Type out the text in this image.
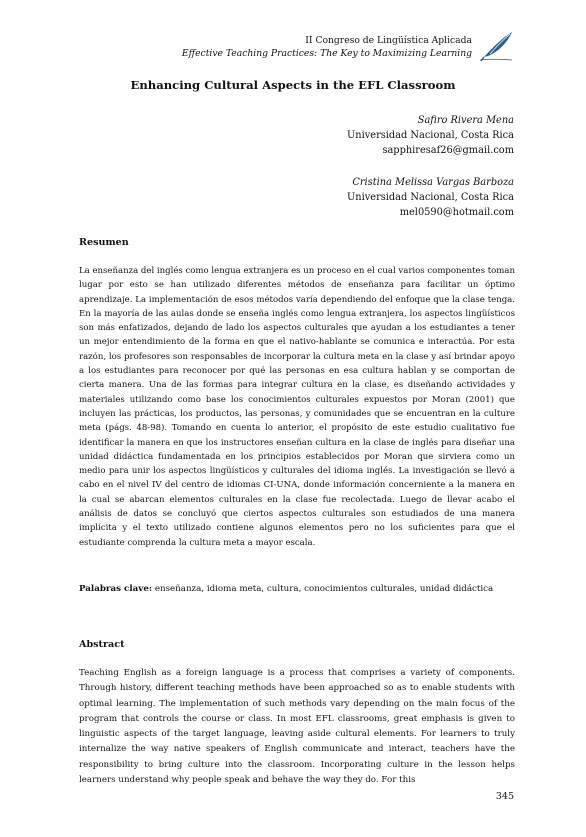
II Congreso de Lingüística Aplicada
Effective Teaching Practices: The Key to Maximizing Learning
Enhancing Cultural Aspects in the EFL Classroom
Safiro Rivera Mena
Universidad Nacional, Costa Rica
sapphiresaf26@gmail.com
Cristina Melissa Vargas Barboza
Universidad Nacional, Costa Rica
mel0590@hotmail.com
Resumen
La enseñanza del inglés como lengua extranjera es un proceso en el cual varios componentes toman lugar por esto se han utilizado diferentes métodos de enseñanza para facilitar un óptimo aprendizaje. La implementación de esos métodos varía dependiendo del enfoque que la clase tenga. En la mayoría de las aulas donde se enseña inglés como lengua extranjera, los aspectos lingüísticos son más enfatizados, dejando de lado los aspectos culturales que ayudan a los estudiantes a tener un mejor entendimiento de la forma en que el nativo-hablante se comunica e interactúa. Por esta razón, los profesores son responsables de incorporar la cultura meta en la clase y así brindar apoyo a los estudiantes para reconocer por qué las personas en esa cultura hablan y se comportan de cierta manera. Una de las formas para integrar cultura en la clase, es diseñando actividades y materiales utilizando como base los conocimientos culturales expuestos por Moran (2001) que incluyen las prácticas, los productos, las personas, y comunidades que se encuentran en la culture meta (págs. 48-98). Tomando en cuenta lo anterior, el propósito de este estudio cualitativo fue identificar la manera en que los instructores enseñan cultura en la clase de inglés para diseñar una unidad didáctica fundamentada en los principios establecidos por Moran que sirviera como un medio para unir los aspectos lingüísticos y culturales del idioma inglés. La investigación se llevó a cabo en el nivel IV del centro de idiomas CI-UNA, donde información concerniente a la manera en la cual se abarcan elementos culturales en la clase fue recolectada. Luego de llevar acabo el análisis de datos se concluyó que ciertos aspectos culturales son estudiados de una manera implícita y el texto utilizado contiene algunos elementos pero no los suficientes para que el estudiante comprenda la cultura meta a mayor escala.
Palabras clave: enseñanza, idioma meta, cultura, conocimientos culturales, unidad didáctica
Abstract
Teaching English as a foreign language is a process that comprises a variety of components. Through history, different teaching methods have been approached so as to enable students with optimal learning. The implementation of such methods vary depending on the main focus of the program that controls the course or class. In most EFL classrooms, great emphasis is given to linguistic aspects of the target language, leaving aside cultural elements. For learners to truly internalize the way native speakers of English communicate and interact, teachers have the responsibility to bring culture into the classroom. Incorporating culture in the lesson helps learners understand why people speak and behave the way they do. For this
345
